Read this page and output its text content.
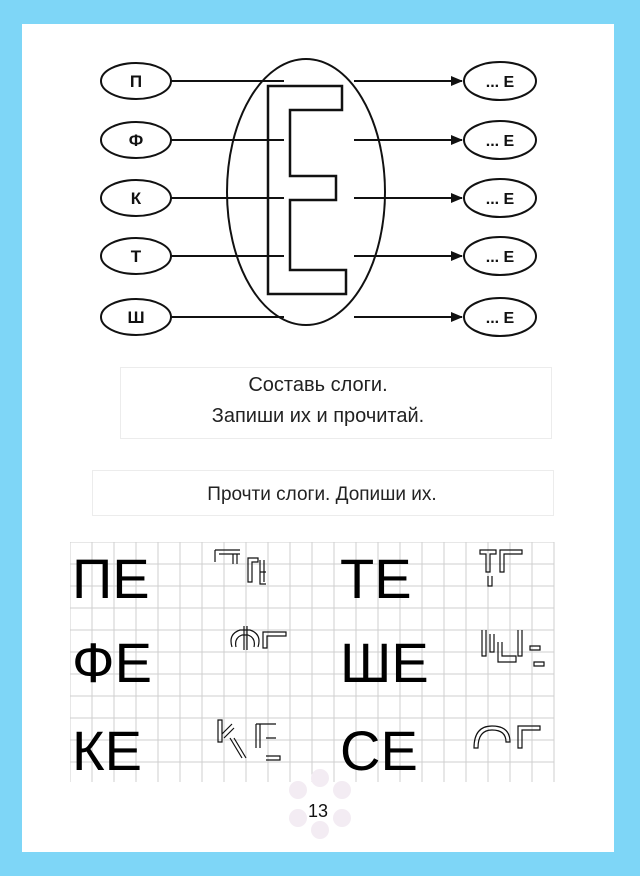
П	... Е
Ф	... Е
К	... Е
Т	... Е
Ш	... Е
Составь слоги.
Запиши их и прочитай.
Прочти слоги. Допиши их.
ПЕ
ФЕ
КЕ
ТЕ
ШЕ
СЕ
13
